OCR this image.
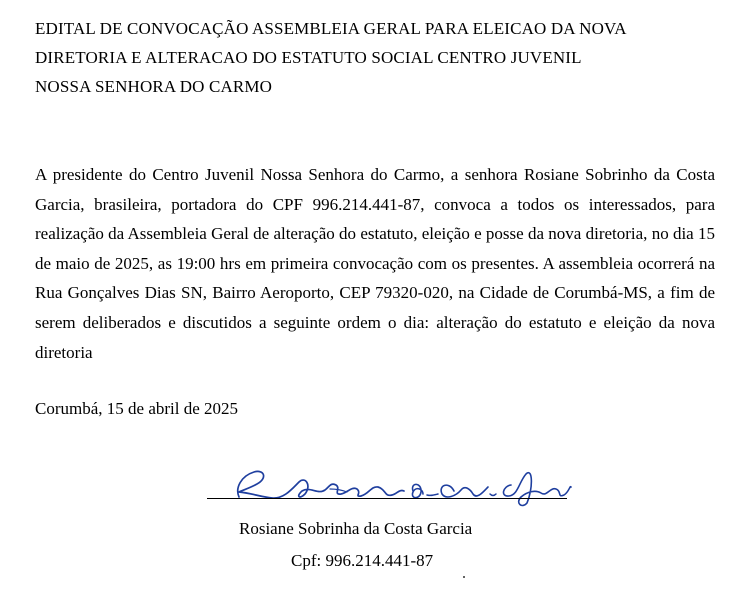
EDITAL DE CONVOCAÇÃO ASSEMBLEIA GERAL PARA ELEICAO DA NOVA
DIRETORIA E ALTERACAO DO ESTATUTO SOCIAL CENTRO JUVENIL
NOSSA SENHORA DO CARMO

A presidente do Centro Juvenil Nossa Senhora do Carmo, a senhora Rosiane Sobrinho da Costa Garcia, brasileira, portadora do CPF 996.214.441-87, convoca a todos os interessados, para realização da Assembleia Geral de alteração do estatuto, eleição e posse da nova diretoria, no dia 15 de maio de 2025, as 19:00 hrs em primeira convocação com os presentes. A assembleia ocorrerá na Rua Gonçalves Dias SN, Bairro Aeroporto, CEP 79320-020, na Cidade de Corumbá-MS, a fim de serem deliberados e discutidos a seguinte ordem o dia: alteração do estatuto e eleição da nova diretoria

Corumbá, 15 de abril de 2025
Rosiane Sobrinha da Costa Garcia
Cpf: 996.214.441-87
